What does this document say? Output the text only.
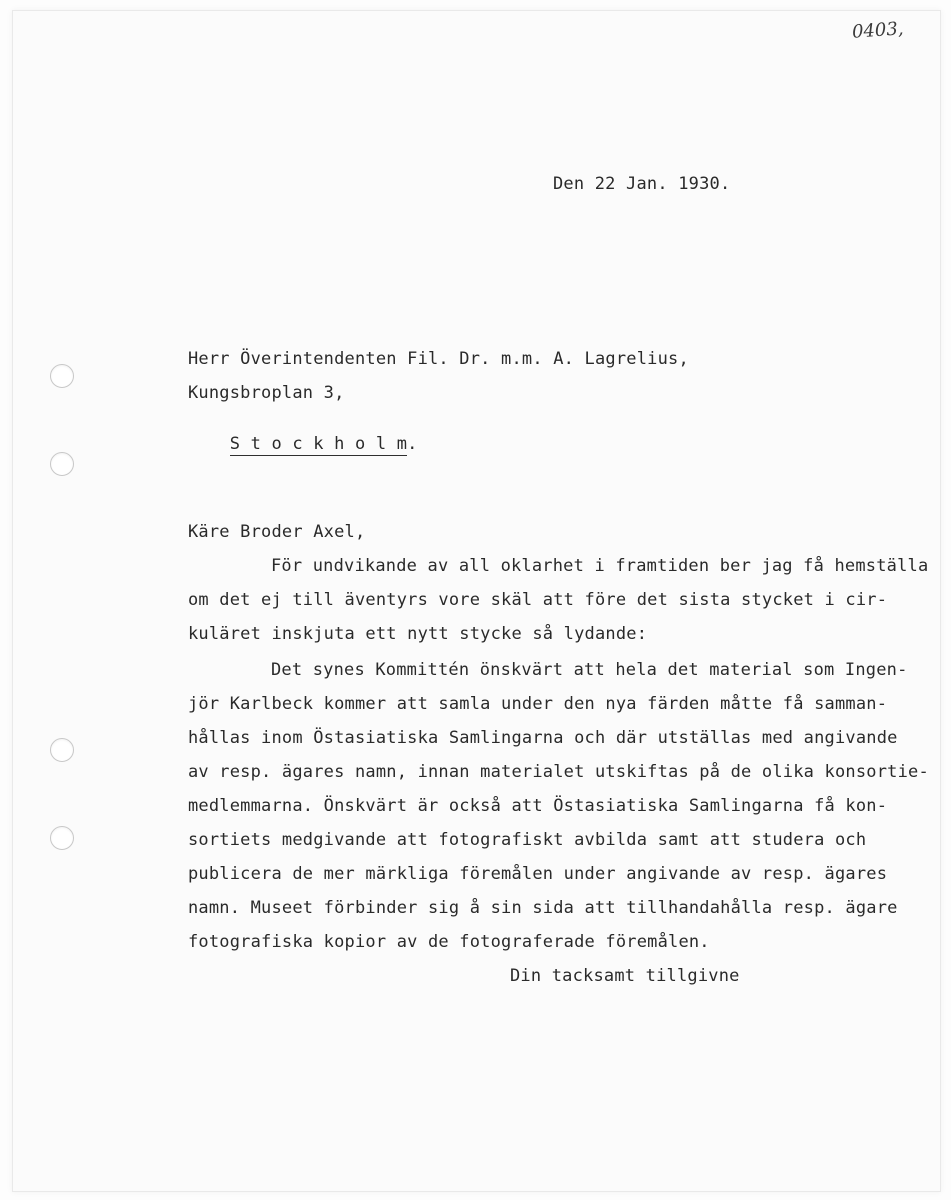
0403,
Den 22 Jan. 1930.
Herr Överintendenten Fil. Dr. m.m. A. Lagrelius,
Kungsbroplan 3,

S t o c k h o l m.

Käre Broder Axel,
För undvikande av all oklarhet i framtiden ber jag få hemställa
om det ej till äventyrs vore skäl att före det sista stycket i cir-
kuläret inskjuta ett nytt stycke så lydande:
Det synes Kommittén önskvärt att hela det material som Ingen-
jör Karlbeck kommer att samla under den nya färden måtte få samman-
hållas inom Östasiatiska Samlingarna och där utställas med angivande
av resp. ägares namn, innan materialet utskiftas på de olika konsortie-
medlemmarna. Önskvärt är också att Östasiatiska Samlingarna få kon-
sortiets medgivande att fotografiskt avbilda samt att studera och
publicera de mer märkliga föremålen under angivande av resp. ägares
namn. Museet förbinder sig å sin sida att tillhandahålla resp. ägare
fotografiska kopior av de fotograferade föremålen.
Din tacksamt tillgivne
